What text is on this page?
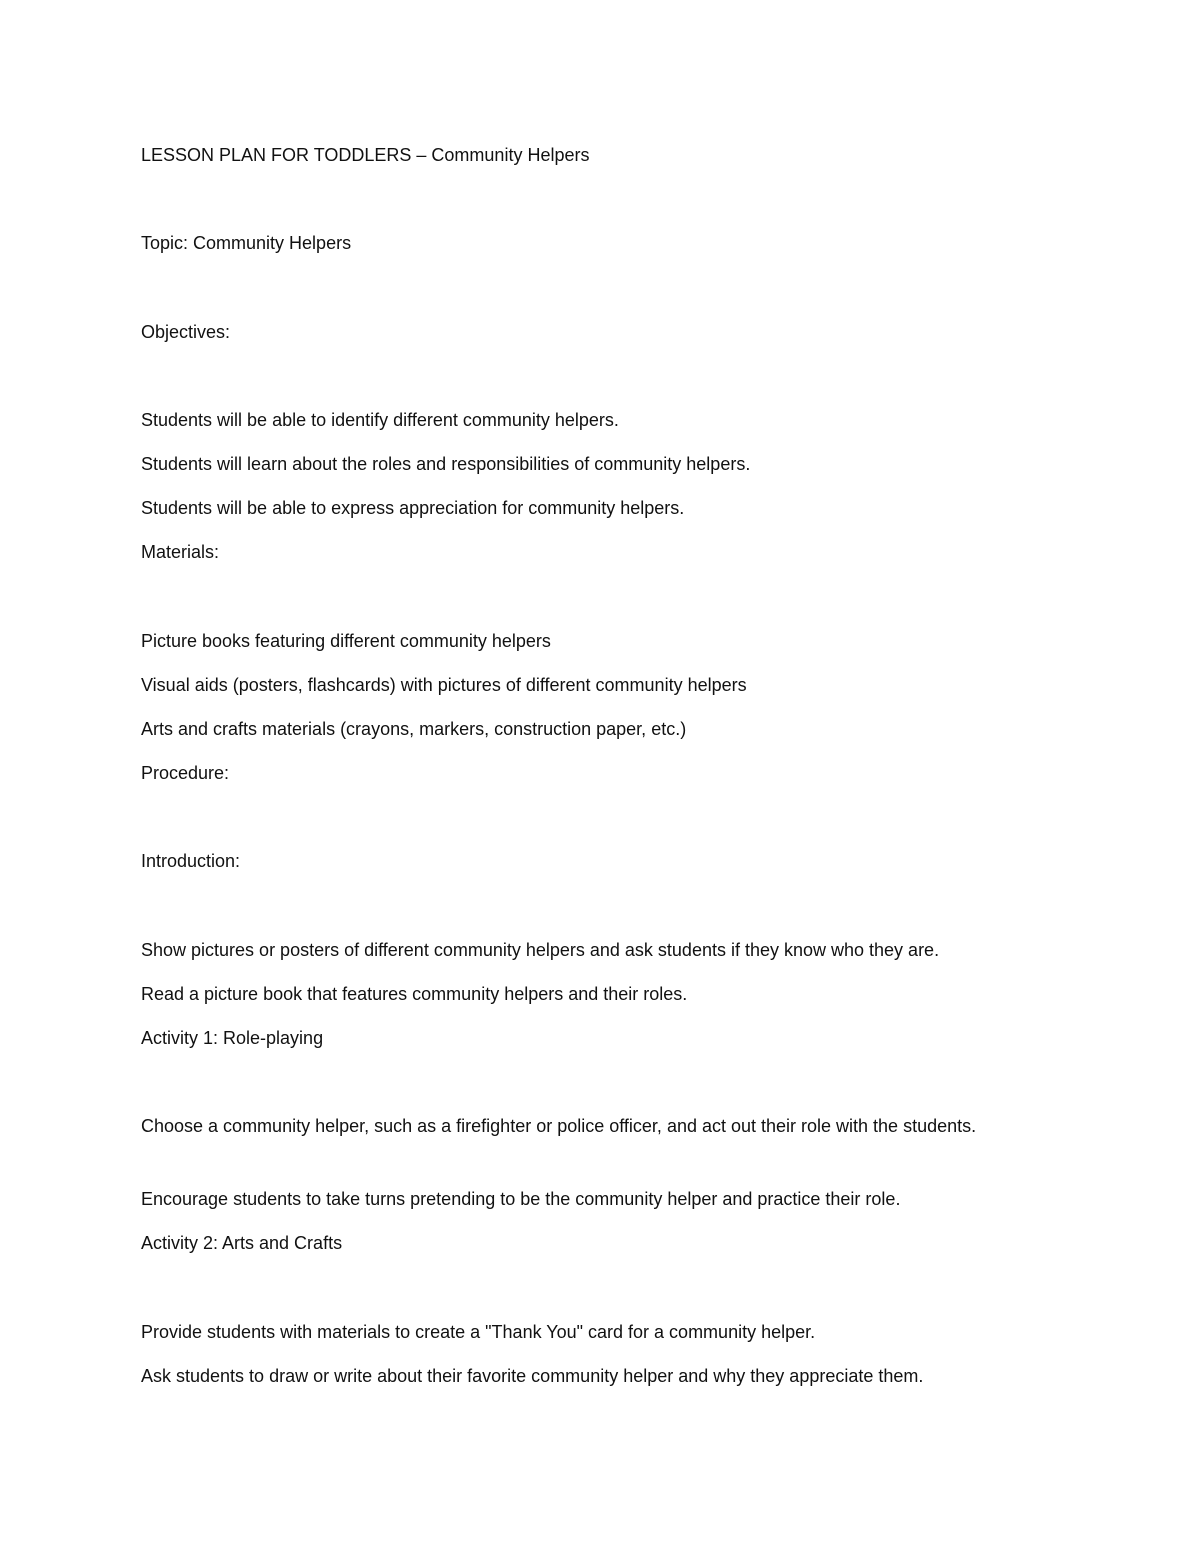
LESSON PLAN FOR TODDLERS – Community Helpers
Topic: Community Helpers
Objectives:
Students will be able to identify different community helpers.
Students will learn about the roles and responsibilities of community helpers.
Students will be able to express appreciation for community helpers.
Materials:
Picture books featuring different community helpers
Visual aids (posters, flashcards) with pictures of different community helpers
Arts and crafts materials (crayons, markers, construction paper, etc.)
Procedure:
Introduction:
Show pictures or posters of different community helpers and ask students if they know who they are.
Read a picture book that features community helpers and their roles.
Activity 1: Role-playing
Choose a community helper, such as a firefighter or police officer, and act out their role with the students.
Encourage students to take turns pretending to be the community helper and practice their role.
Activity 2: Arts and Crafts
Provide students with materials to create a "Thank You" card for a community helper.
Ask students to draw or write about their favorite community helper and why they appreciate them.
